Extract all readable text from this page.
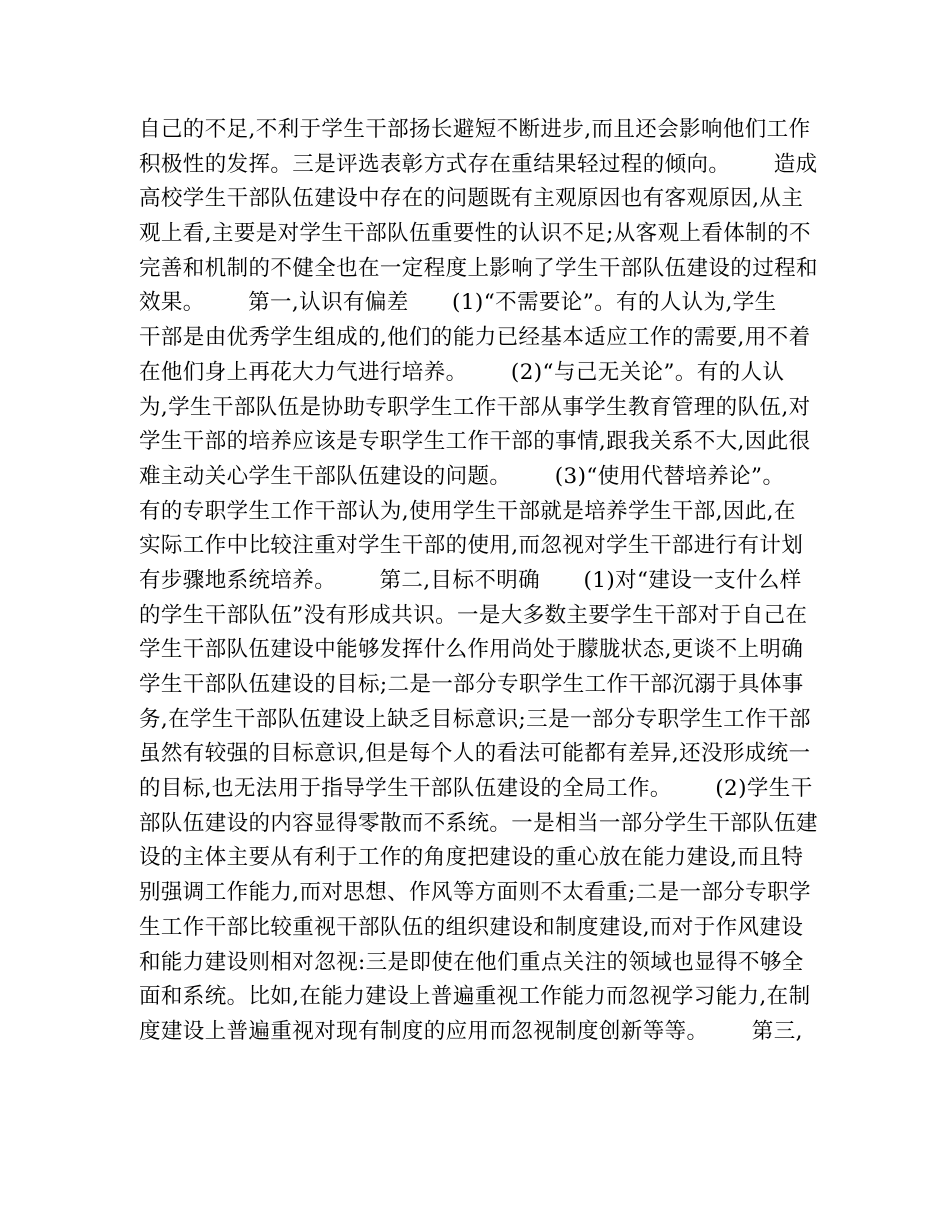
自己的不足,不利于学生干部扬长避短不断进步,而且还会影响他们工作
积极性的发挥。三是评选表彰方式存在重结果轻过程的倾向。      造成
高校学生干部队伍建设中存在的问题既有主观原因也有客观原因,从主
观上看,主要是对学生干部队伍重要性的认识不足;从客观上看体制的不
完善和机制的不健全也在一定程度上影响了学生干部队伍建设的过程和
效果。      第一,认识有偏差      (1)“不需要论”。有的人认为,学生
干部是由优秀学生组成的,他们的能力已经基本适应工作的需要,用不着
在他们身上再花大力气进行培养。      (2)“与己无关论”。有的人认
为,学生干部队伍是协助专职学生工作干部从事学生教育管理的队伍,对
学生干部的培养应该是专职学生工作干部的事情,跟我关系不大,因此很
难主动关心学生干部队伍建设的问题。      (3)“使用代替培养论”。
有的专职学生工作干部认为,使用学生干部就是培养学生干部,因此,在
实际工作中比较注重对学生干部的使用,而忽视对学生干部进行有计划
有步骤地系统培养。      第二,目标不明确      (1)对“建设一支什么样
的学生干部队伍”没有形成共识。一是大多数主要学生干部对于自己在
学生干部队伍建设中能够发挥什么作用尚处于朦胧状态,更谈不上明确
学生干部队伍建设的目标;二是一部分专职学生工作干部沉溺于具体事
务,在学生干部队伍建设上缺乏目标意识;三是一部分专职学生工作干部
虽然有较强的目标意识,但是每个人的看法可能都有差异,还没形成统一
的目标,也无法用于指导学生干部队伍建设的全局工作。      (2)学生干
部队伍建设的内容显得零散而不系统。一是相当一部分学生干部队伍建
设的主体主要从有利于工作的角度把建设的重心放在能力建设,而且特
别强调工作能力,而对思想、作风等方面则不太看重;二是一部分专职学
生工作干部比较重视干部队伍的组织建设和制度建设,而对于作风建设
和能力建设则相对忽视:三是即使在他们重点关注的领域也显得不够全
面和系统。比如,在能力建设上普遍重视工作能力而忽视学习能力,在制
度建设上普遍重视对现有制度的应用而忽视制度创新等等。      第三,
